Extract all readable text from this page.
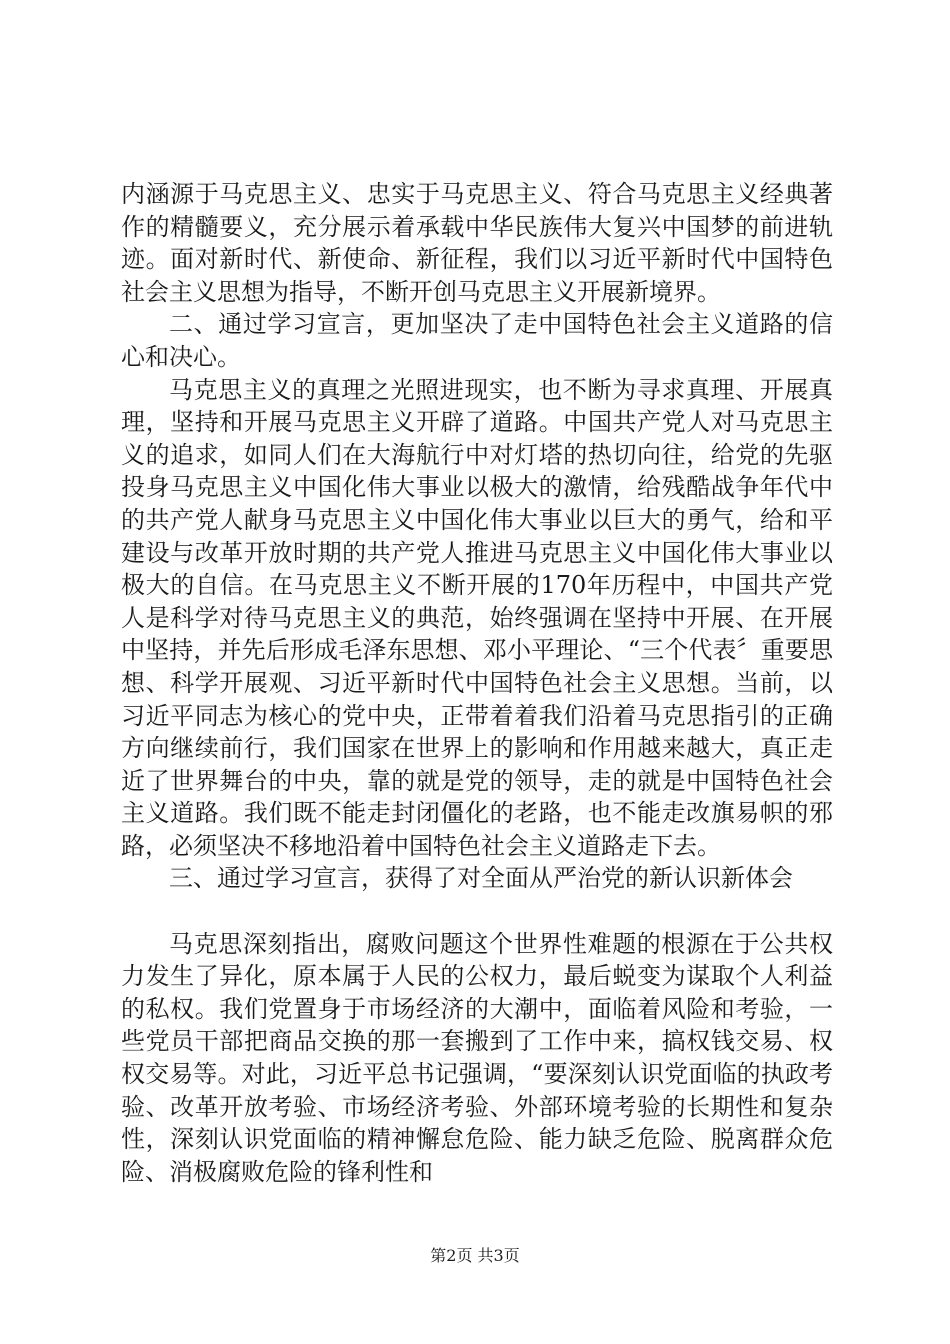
内涵源于马克思主义、忠实于马克思主义、符合马克思主义经典著作的精髓要义，充分展示着承载中华民族伟大复兴中国梦的前进轨迹。面对新时代、新使命、新征程，我们以习近平新时代中国特色社会主义思想为指导，不断开创马克思主义开展新境界。

二、通过学习宣言，更加坚决了走中国特色社会主义道路的信心和决心。

马克思主义的真理之光照进现实，也不断为寻求真理、开展真理，坚持和开展马克思主义开辟了道路。中国共产党人对马克思主义的追求，如同人们在大海航行中对灯塔的热切向往，给党的先驱投身马克思主义中国化伟大事业以极大的激情，给残酷战争年代中的共产党人献身马克思主义中国化伟大事业以巨大的勇气，给和平建设与改革开放时期的共产党人推进马克思主义中国化伟大事业以极大的自信。在马克思主义不断开展的170年历程中，中国共产党人是科学对待马克思主义的典范，始终强调在坚持中开展、在开展中坚持，并先后形成毛泽东思想、邓小平理论、“三个代表〞重要思想、科学开展观、习近平新时代中国特色社会主义思想。当前，以习近平同志为核心的党中央，正带着着我们沿着马克思指引的正确方向继续前行，我们国家在世界上的影响和作用越来越大，真正走近了世界舞台的中央，靠的就是党的领导，走的就是中国特色社会主义道路。我们既不能走封闭僵化的老路，也不能走改旗易帜的邪路，必须坚决不移地沿着中国特色社会主义道路走下去。

三、通过学习宣言，获得了对全面从严治党的新认识新体会

马克思深刻指出，腐败问题这个世界性难题的根源在于公共权力发生了异化，原本属于人民的公权力，最后蜕变为谋取个人利益的私权。我们党置身于市场经济的大潮中，面临着风险和考验，一些党员干部把商品交换的那一套搬到了工作中来，搞权钱交易、权权交易等。对此，习近平总书记强调，“要深刻认识党面临的执政考验、改革开放考验、市场经济考验、外部环境考验的长期性和复杂性，深刻认识党面临的精神懈怠危险、能力缺乏危险、脱离群众危险、消极腐败危险的锋利性和

第2页 共3页
